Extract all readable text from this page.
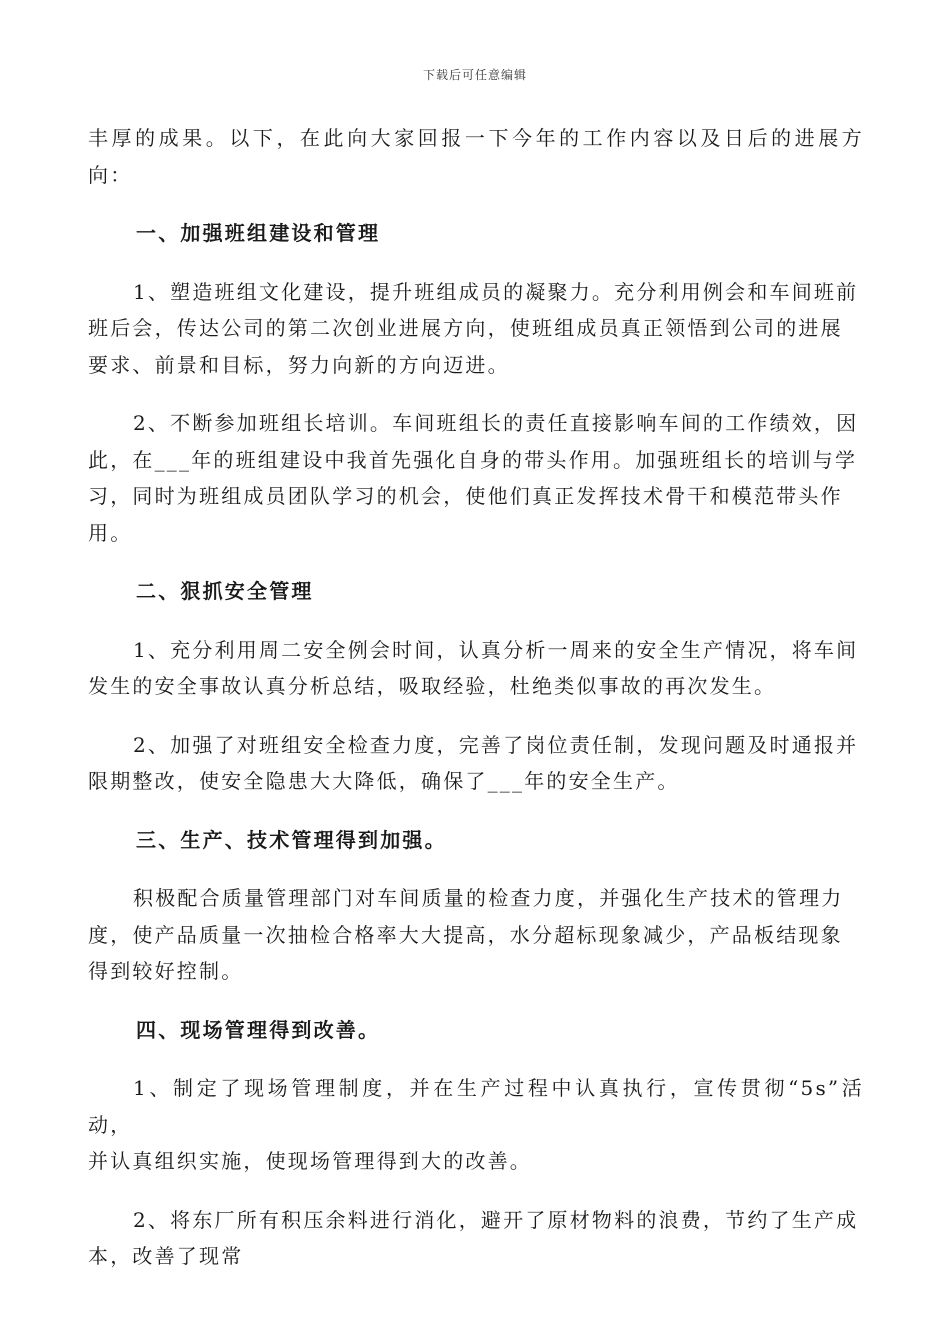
下载后可任意编辑

丰厚的成果。以下，在此向大家回报一下今年的工作内容以及日后的进展方向：

一、加强班组建设和管理

1、塑造班组文化建设，提升班组成员的凝聚力。充分利用例会和车间班前
班后会，传达公司的第二次创业进展方向，使班组成员真正领悟到公司的进展
要求、前景和目标，努力向新的方向迈进。

2、不断参加班组长培训。车间班组长的责任直接影响车间的工作绩效，因
此，在___年的班组建设中我首先强化自身的带头作用。加强班组长的培训与学
习，同时为班组成员团队学习的机会，使他们真正发挥技术骨干和模范带头作
用。

二、狠抓安全管理

1、充分利用周二安全例会时间，认真分析一周来的安全生产情况，将车间
发生的安全事故认真分析总结，吸取经验，杜绝类似事故的再次发生。

2、加强了对班组安全检查力度，完善了岗位责任制，发现问题及时通报并
限期整改，使安全隐患大大降低，确保了___年的安全生产。

三、生产、技术管理得到加强。

积极配合质量管理部门对车间质量的检查力度，并强化生产技术的管理力
度，使产品质量一次抽检合格率大大提高，水分超标现象减少，产品板结现象
得到较好控制。

四、现场管理得到改善。

1、制定了现场管理制度，并在生产过程中认真执行，宣传贯彻“5s”活动，
并认真组织实施，使现场管理得到大的改善。

2、将东厂所有积压余料进行消化，避开了原材物料的浪费，节约了生产成
本，改善了现常
